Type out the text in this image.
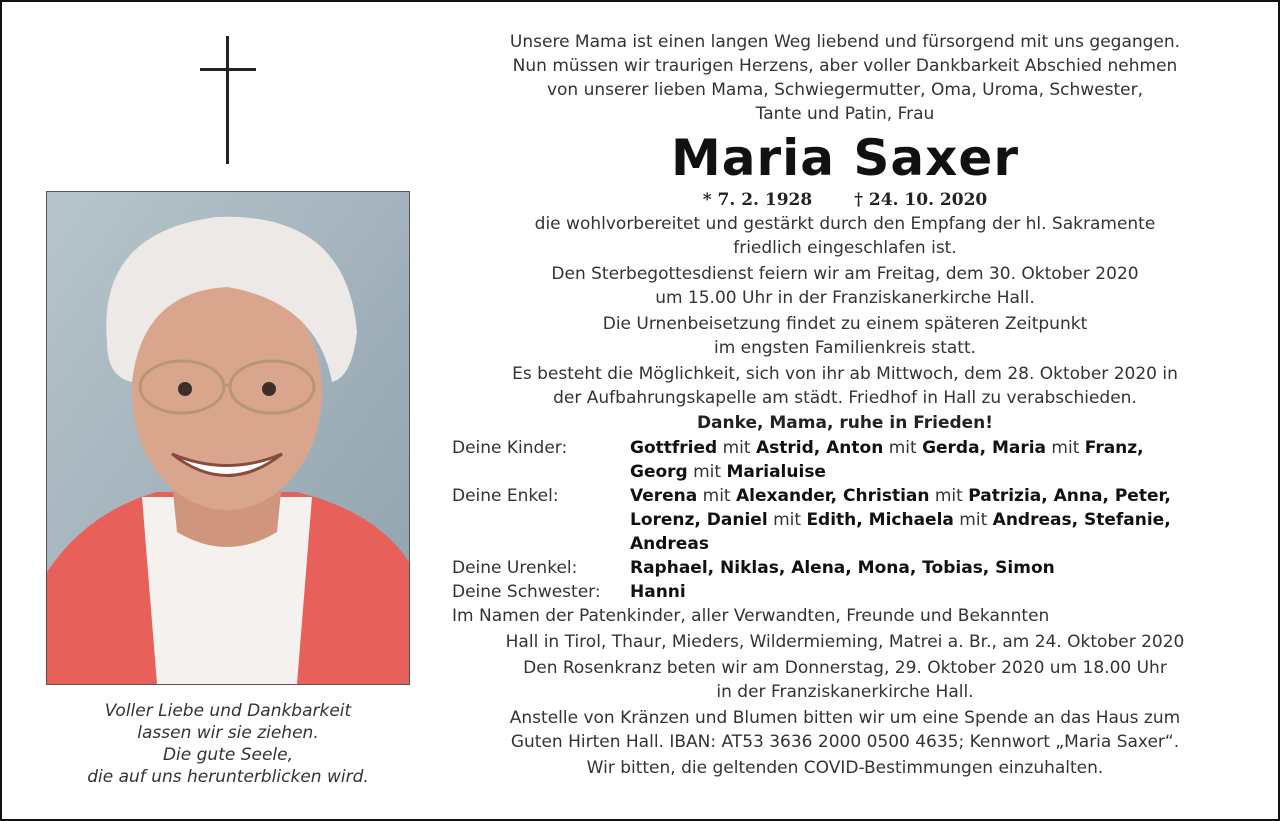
Voller Liebe und Dankbarkeit
lassen wir sie ziehen.
Die gute Seele,
die auf uns herunterblicken wird.
Unsere Mama ist einen langen Weg liebend und fürsorgend mit uns gegangen.
Nun müssen wir traurigen Herzens, aber voller Dankbarkeit Abschied nehmen
von unserer lieben Mama, Schwiegermutter, Oma, Uroma, Schwester,
Tante und Patin, Frau
Maria Saxer
* 7. 2. 1928 † 24. 10. 2020
die wohlvorbereitet und gestärkt durch den Empfang der hl. Sakramente
friedlich eingeschlafen ist.
Den Sterbegottesdienst feiern wir am Freitag, dem 30. Oktober 2020
um 15.00 Uhr in der Franziskanerkirche Hall.
Die Urnenbeisetzung findet zu einem späteren Zeitpunkt
im engsten Familienkreis statt.
Es besteht die Möglichkeit, sich von ihr ab Mittwoch, dem 28. Oktober 2020 in
der Aufbahrungskapelle am städt. Friedhof in Hall zu verabschieden.
Danke, Mama, ruhe in Frieden!
Deine Kinder:	Gottfried mit Astrid, Anton mit Gerda, Maria mit Franz,
Georg mit Marialuise
Deine Enkel:	Verena mit Alexander, Christian mit Patrizia, Anna, Peter,
Lorenz, Daniel mit Edith, Michaela mit Andreas, Stefanie,
Andreas
Deine Urenkel:	Raphael, Niklas, Alena, Mona, Tobias, Simon
Deine Schwester:	Hanni
Im Namen der Patenkinder, aller Verwandten, Freunde und Bekannten
Hall in Tirol, Thaur, Mieders, Wildermieming, Matrei a. Br., am 24. Oktober 2020
Den Rosenkranz beten wir am Donnerstag, 29. Oktober 2020 um 18.00 Uhr
in der Franziskanerkirche Hall.
Anstelle von Kränzen und Blumen bitten wir um eine Spende an das Haus zum
Guten Hirten Hall. IBAN: AT53 3636 2000 0500 4635; Kennwort „Maria Saxer“.
Wir bitten, die geltenden COVID-Bestimmungen einzuhalten.
